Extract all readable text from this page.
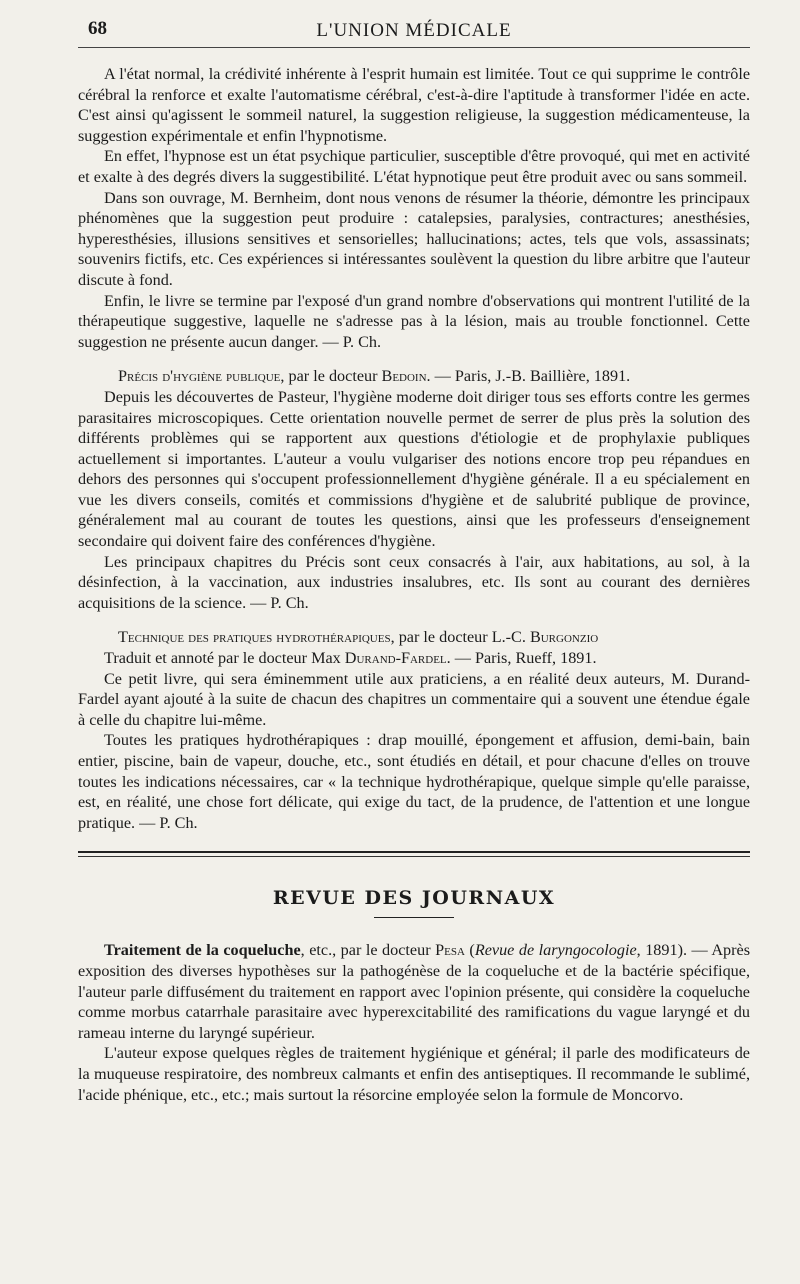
68	L'UNION MÉDICALE

A l'état normal, la crédivité inhérente à l'esprit humain est limitée. Tout ce qui supprime le contrôle cérébral la renforce et exalte l'automatisme cérébral, c'est-à-dire l'aptitude à transformer l'idée en acte. C'est ainsi qu'agissent le sommeil naturel, la suggestion religieuse, la suggestion médicamenteuse, la suggestion expérimentale et enfin l'hypnotisme.

En effet, l'hypnose est un état psychique particulier, susceptible d'être provoqué, qui met en activité et exalte à des degrés divers la suggestibilité. L'état hypnotique peut être produit avec ou sans sommeil.

Dans son ouvrage, M. Bernheim, dont nous venons de résumer la théorie, démontre les principaux phénomènes que la suggestion peut produire : catalepsies, paralysies, contractures; anesthésies, hyperesthésies, illusions sensitives et sensorielles; hallucinations; actes, tels que vols, assassinats; souvenirs fictifs, etc. Ces expériences si intéressantes soulèvent la question du libre arbitre que l'auteur discute à fond.

Enfin, le livre se termine par l'exposé d'un grand nombre d'observations qui montrent l'utilité de la thérapeutique suggestive, laquelle ne s'adresse pas à la lésion, mais au trouble fonctionnel. Cette suggestion ne présente aucun danger. — P. Ch.

Précis d'hygiène publique, par le docteur Bedoin. — Paris, J.-B. Baillière, 1891.

Depuis les découvertes de Pasteur, l'hygiène moderne doit diriger tous ses efforts contre les germes parasitaires microscopiques. Cette orientation nouvelle permet de serrer de plus près la solution des différents problèmes qui se rapportent aux questions d'étiologie et de prophylaxie publiques actuellement si importantes. L'auteur a voulu vulgariser des notions encore trop peu répandues en dehors des personnes qui s'occupent professionnellement d'hygiène générale. Il a eu spécialement en vue les divers conseils, comités et commissions d'hygiène et de salubrité publique de province, généralement mal au courant de toutes les questions, ainsi que les professeurs d'enseignement secondaire qui doivent faire des conférences d'hygiène.

Les principaux chapitres du Précis sont ceux consacrés à l'air, aux habitations, au sol, à la désinfection, à la vaccination, aux industries insalubres, etc. Ils sont au courant des dernières acquisitions de la science. — P. Ch.

Technique des pratiques hydrothérapiques, par le docteur L.-C. Burgonzio

Traduit et annoté par le docteur Max Durand-Fardel. — Paris, Rueff, 1891.

Ce petit livre, qui sera éminemment utile aux praticiens, a en réalité deux auteurs, M. Durand-Fardel ayant ajouté à la suite de chacun des chapitres un commentaire qui a souvent une étendue égale à celle du chapitre lui-même.

Toutes les pratiques hydrothérapiques : drap mouillé, épongement et affusion, demi-bain, bain entier, piscine, bain de vapeur, douche, etc., sont étudiés en détail, et pour chacune d'elles on trouve toutes les indications nécessaires, car « la technique hydrothérapique, quelque simple qu'elle paraisse, est, en réalité, une chose fort délicate, qui exige du tact, de la prudence, de l'attention et une longue pratique. — P. Ch.

REVUE DES JOURNAUX

Traitement de la coqueluche, etc., par le docteur Pesa (Revue de laryngocologie, 1891). — Après exposition des diverses hypothèses sur la pathogénèse de la coqueluche et de la bactérie spécifique, l'auteur parle diffusément du traitement en rapport avec l'opinion présente, qui considère la coqueluche comme morbus catarrhale parasitaire avec hyperexcitabilité des ramifications du vague laryngé et du rameau interne du laryngé supérieur.

L'auteur expose quelques règles de traitement hygiénique et général; il parle des modificateurs de la muqueuse respiratoire, des nombreux calmants et enfin des antiseptiques. Il recommande le sublimé, l'acide phénique, etc., etc.; mais surtout la résorcine employée selon la formule de Moncorvo.
